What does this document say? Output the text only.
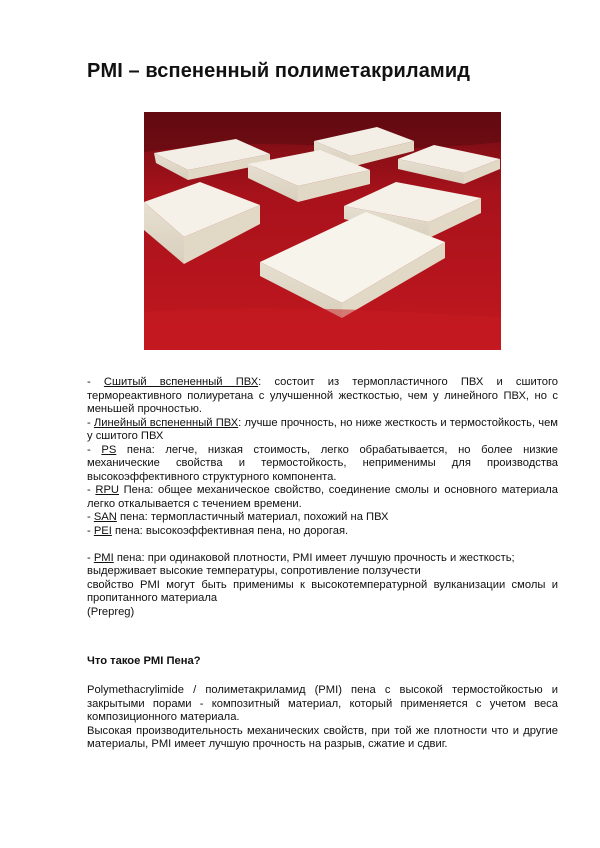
PMI – вспененный полиметакриламид

- Сшитый вспененный ПВХ: состоит из термопластичного ПВХ и сшитого термореактивного полиуретана с улучшенной жесткостью, чем у линейного ПВХ, но с меньшей прочностью.

- Линейный вспененный ПВХ: лучше прочность, но ниже жесткость и термостойкость, чем у сшитого ПВХ

- PS пена: легче, низкая стоимость, легко обрабатывается, но более низкие механические свойства и термостойкость, неприменимы для производства высокоэффективного структурного компонента.

- RPU Пена: общее механическое свойство, соединение смолы и основного материала легко откалывается с течением времени.

- SAN пена: термопластичный материал, похожий на ПВХ

- PEI пена: высокоэффективная пена, но дорогая.

- PMI пена: при одинаковой плотности, PMI имеет лучшую прочность и жесткость;

выдерживает высокие температуры, сопротивление ползучести

свойство PMI могут быть применимы к высокотемпературной вулканизации смолы и пропитанного материала

(Prepreg)

Что такое PMI Пена?

Polymethacrylimide / полиметакриламид (PMI) пена с высокой термостойкостью и закрытыми порами - композитный материал, который применяется с учетом веса композиционного материала.

Высокая производительность механических свойств, при той же плотности что и другие материалы, PMI имеет лучшую прочность на разрыв, сжатие и сдвиг.
